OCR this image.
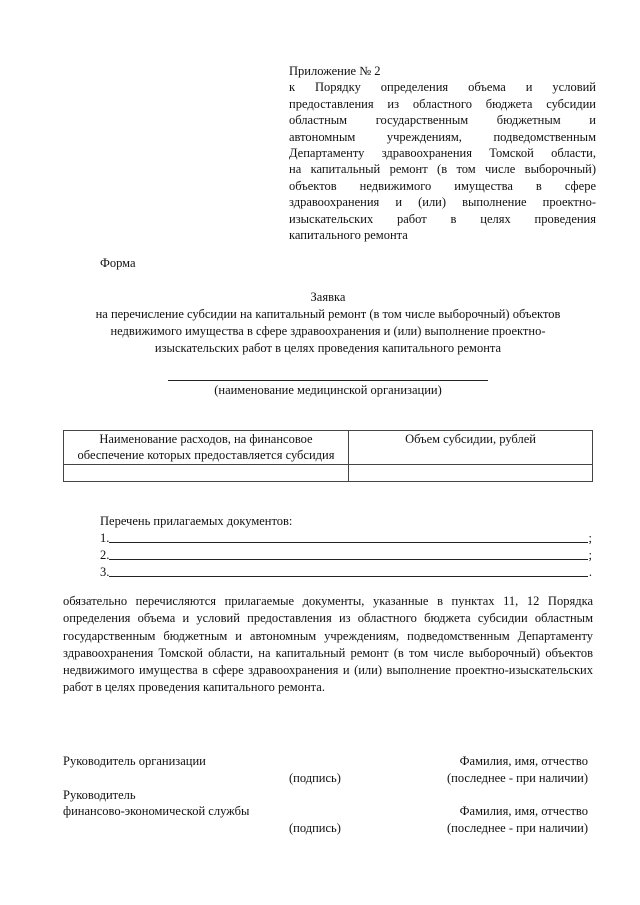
Приложение № 2
к Порядку определения объема и условий
предоставления из областного бюджета субсидии
областным государственным бюджетным и
автономным учреждениям, подведомственным
Департаменту здравоохранения Томской области,
на капитальный ремонт (в том числе выборочный)
объектов недвижимого имущества в сфере
здравоохранения и (или) выполнение проектно-
изыскательских работ в целях проведения
капитального ремонта
Форма
Заявка
на перечисление субсидии на капитальный ремонт (в том числе выборочный) объектов
недвижимого имущества в сфере здравоохранения и (или) выполнение проектно-
изыскательских работ в целях проведения капитального ремонта
(наименование медицинской организации)
Наименование расходов, на финансовое обеспечение которых предоставляется субсидия	Объем субсидии, рублей

Перечень прилагаемых документов:
1.	;
2.	;
3.	.
обязательно перечисляются прилагаемые документы, указанные в пунктах 11, 12 Порядка определения объема и условий предоставления из областного бюджета субсидии областным государственным бюджетным и автономным учреждениям, подведомственным Департаменту здравоохранения Томской области, на капитальный ремонт (в том числе выборочный) объектов недвижимого имущества в сфере здравоохранения и (или) выполнение проектно-изыскательских работ в целях проведения капитального ремонта.
Руководитель организации	Фамилия, имя, отчество
(подпись)	(последнее - при наличии)
Руководитель
финансово-экономической службы	Фамилия, имя, отчество
(подпись)	(последнее - при наличии)
